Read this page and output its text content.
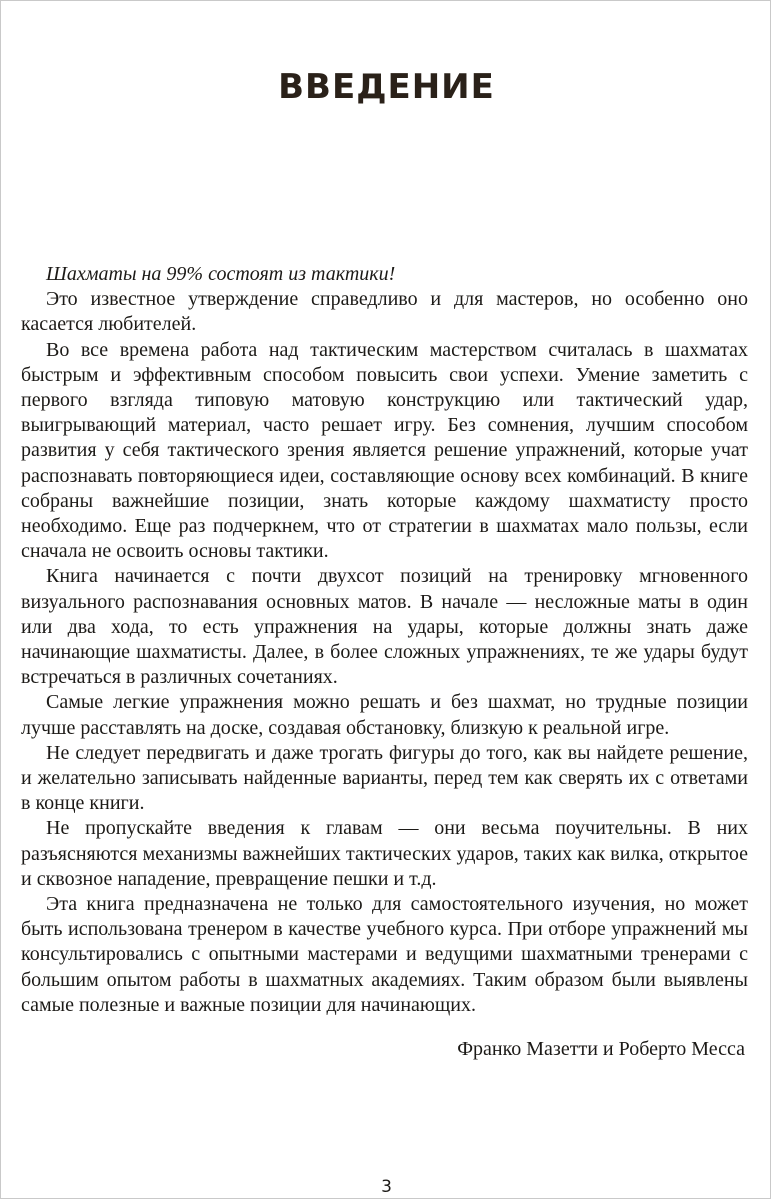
ВВЕДЕНИЕ

Шахматы на 99% состоят из тактики!

Это известное утверждение справедливо и для мастеров, но особенно оно касается любителей.

Во все времена работа над тактическим мастерством считалась в шахматах быстрым и эффективным способом повысить свои успехи. Умение заметить с первого взгляда типовую матовую конструкцию или тактический удар, выигрывающий материал, часто решает игру. Без сомнения, лучшим способом развития у себя тактического зрения является решение упражнений, которые учат распознавать повторяющиеся идеи, составляющие основу всех комбинаций. В книге собраны важнейшие позиции, знать которые каждому шахматисту просто необходимо. Еще раз подчеркнем, что от стратегии в шахматах мало пользы, если сначала не освоить основы тактики.

Книга начинается с почти двухсот позиций на тренировку мгновенного визуального распознавания основных матов. В начале — несложные маты в один или два хода, то есть упражнения на удары, которые должны знать даже начинающие шахматисты. Далее, в более сложных упражнениях, те же удары будут встречаться в различных сочетаниях.

Самые легкие упражнения можно решать и без шахмат, но трудные позиции лучше расставлять на доске, создавая обстановку, близкую к реальной игре.

Не следует передвигать и даже трогать фигуры до того, как вы найдете решение, и желательно записывать найденные варианты, перед тем как сверять их с ответами в конце книги.

Не пропускайте введения к главам — они весьма поучительны. В них разъясняются механизмы важнейших тактических ударов, таких как вилка, открытое и сквозное нападение, превращение пешки и т.д.

Эта книга предназначена не только для самостоятельного изучения, но может быть использована тренером в качестве учебного курса. При отборе упражнений мы консультировались с опытными мастерами и ведущими шахматными тренерами с большим опытом работы в шахматных академиях. Таким образом были выявлены самые полезные и важные позиции для начинающих.

Франко Мазетти и Роберто Месса

3
